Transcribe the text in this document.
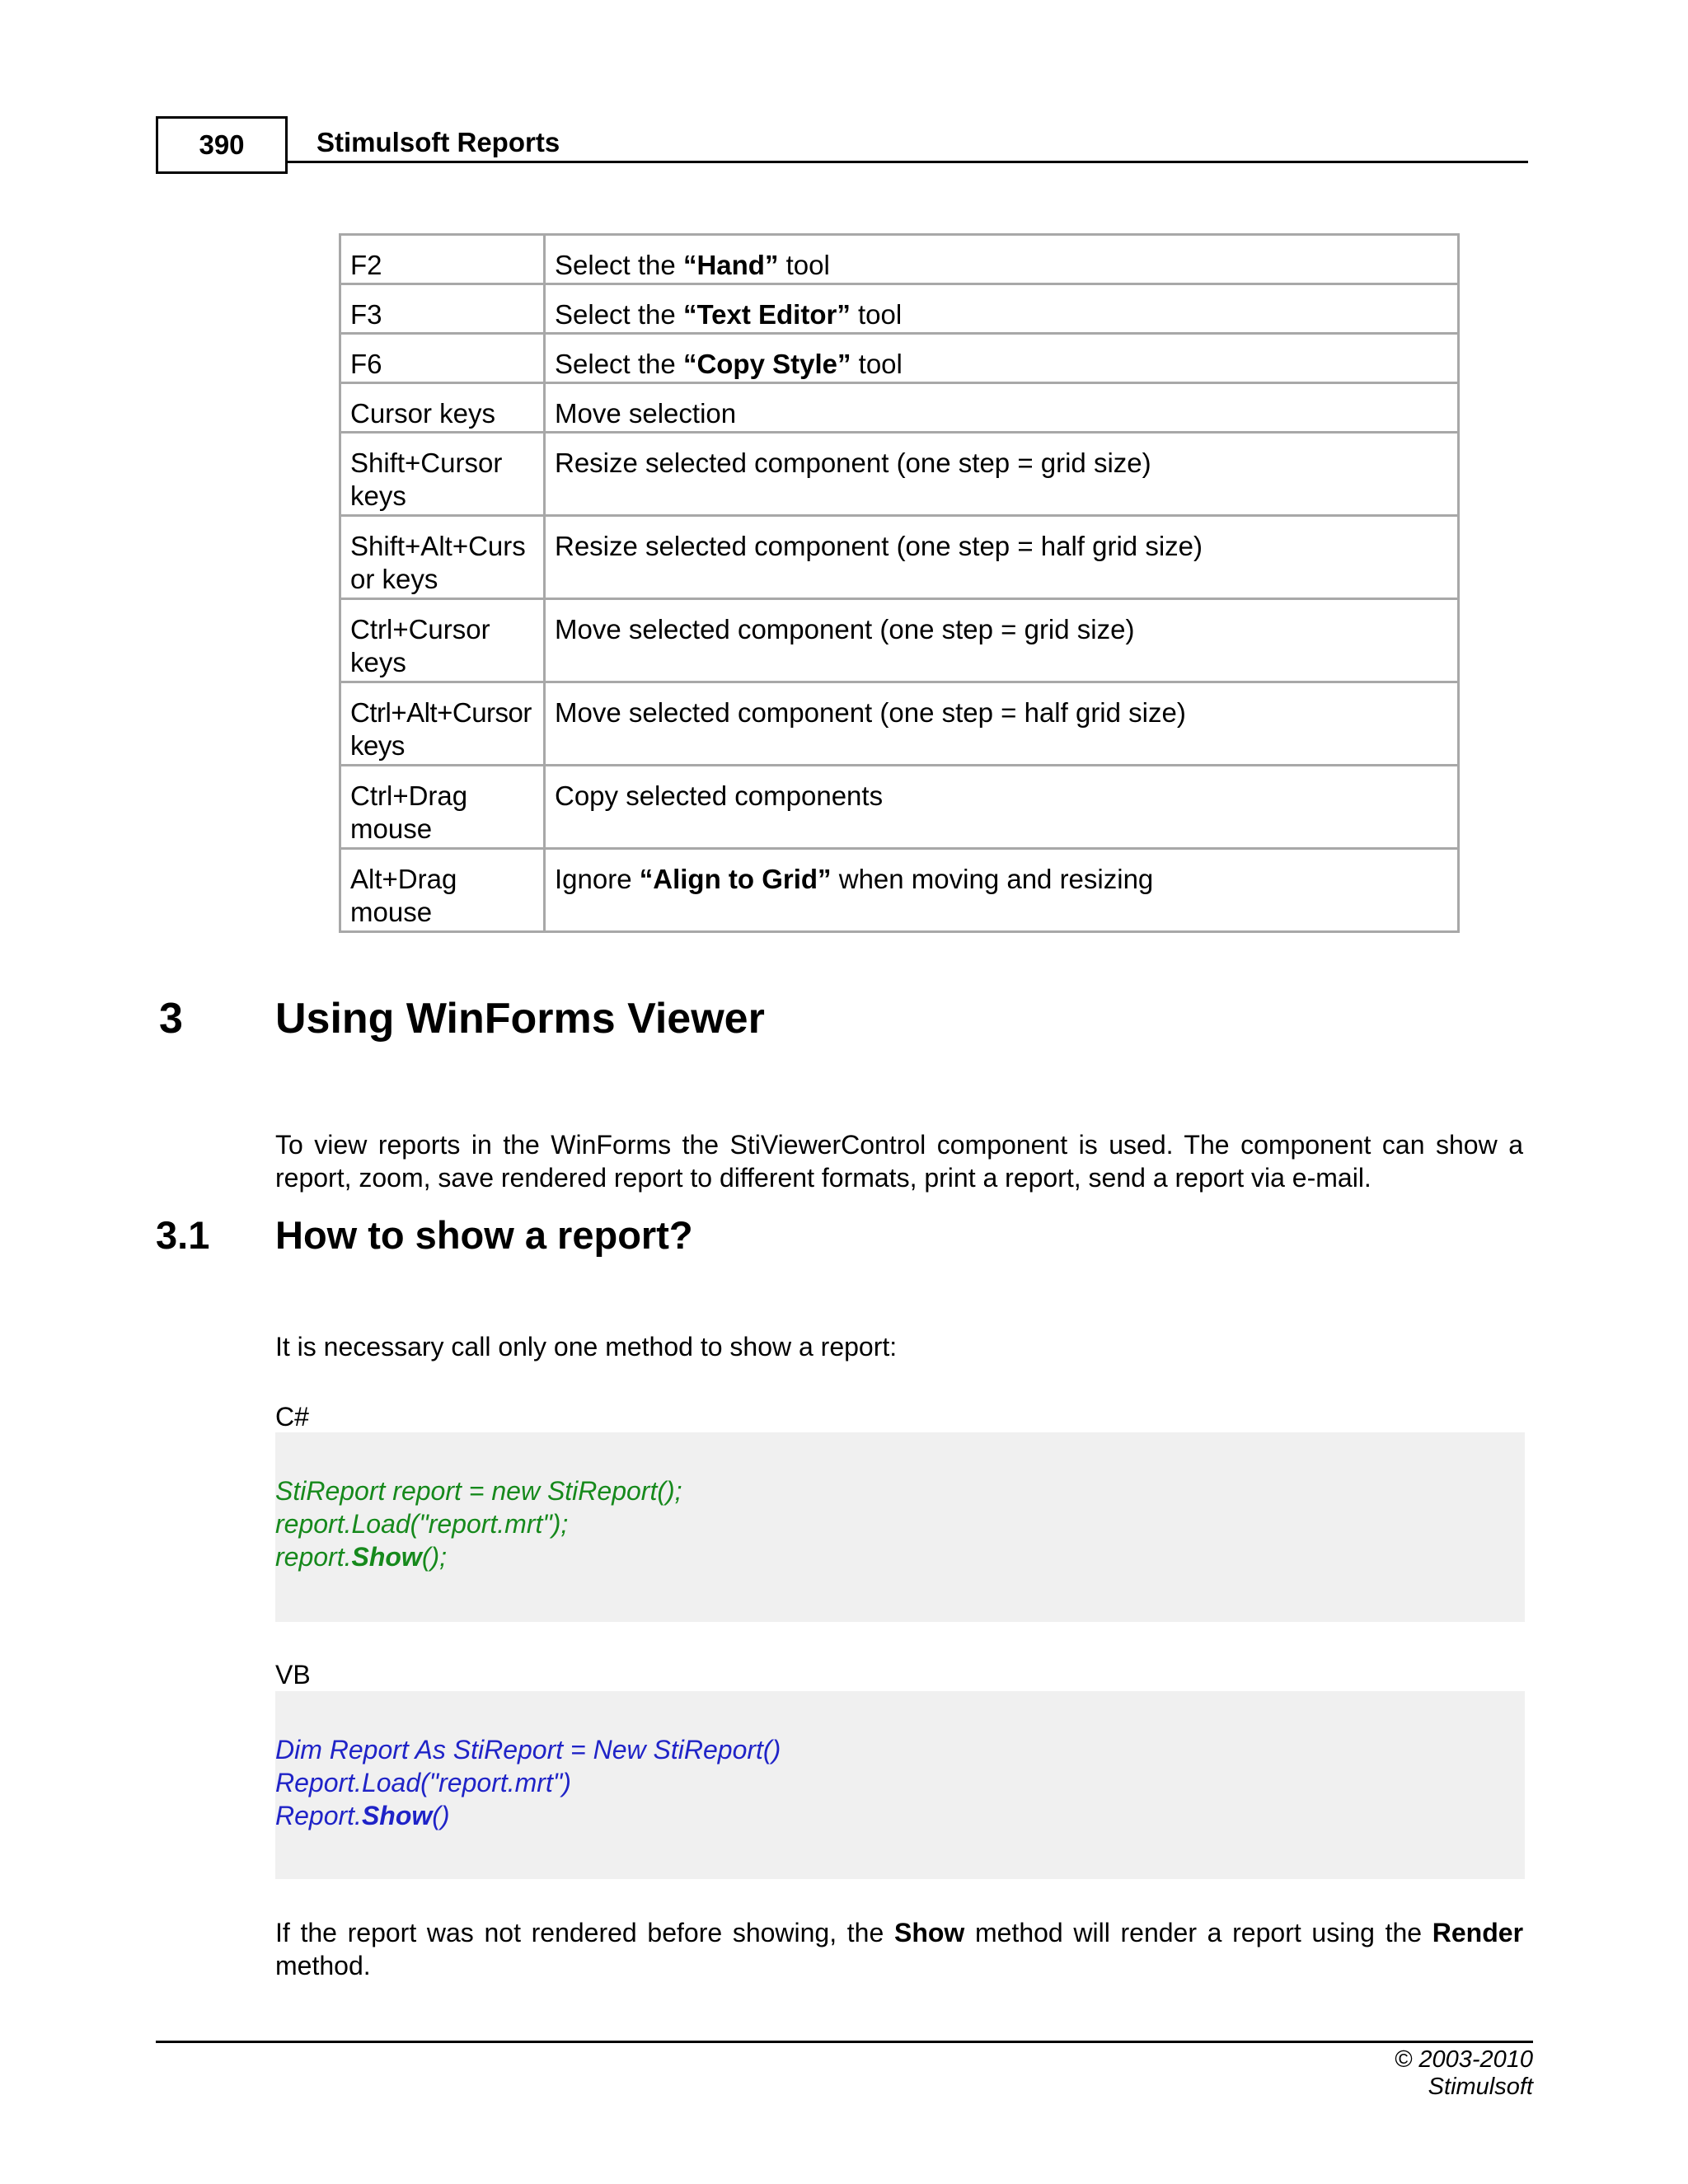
390	Stimulsoft Reports
F2	Select the “Hand” tool
F3	Select the “Text Editor” tool
F6	Select the “Copy Style” tool
Cursor keys	Move selection
Shift+Cursor keys	Resize selected component (one step = grid size)
Shift+Alt+Cursor keys	Resize selected component (one step = half grid size)
Ctrl+Cursor keys	Move selected component (one step = grid size)
Ctrl+Alt+Cursor keys	Move selected component (one step = half grid size)
Ctrl+Drag mouse	Copy selected components
Alt+Drag mouse	Ignore “Align to Grid” when moving and resizing
3 Using WinForms Viewer
To view reports in the WinForms the StiViewerControl component is used. The component can show a report, zoom, save rendered report to different formats, print a report, send a report via e-mail.
3.1 How to show a report?
It is necessary call only one method to show a report:
C#
StiReport report = new StiReport();
report.Load("report.mrt");
report.Show();
VB
Dim Report As StiReport = New StiReport()
Report.Load("report.mrt")
Report.Show()
If the report was not rendered before showing, the Show method will render a report using the Render method.
© 2003-2010 Stimulsoft
